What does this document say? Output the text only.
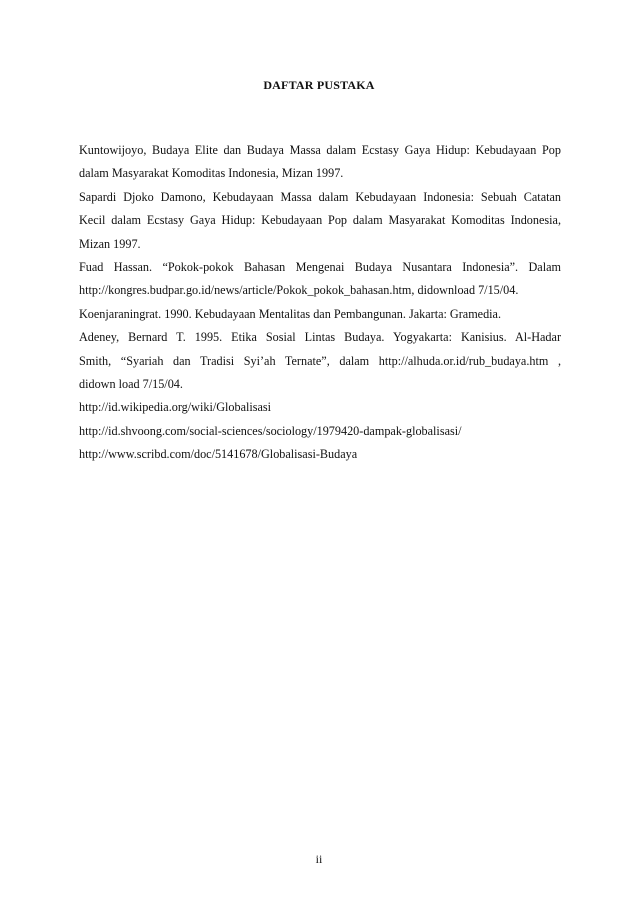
DAFTAR PUSTAKA
Kuntowijoyo, Budaya Elite dan Budaya Massa dalam Ecstasy Gaya Hidup: Kebudayaan Pop
dalam Masyarakat Komoditas Indonesia, Mizan 1997.
Sapardi Djoko Damono, Kebudayaan Massa dalam Kebudayaan Indonesia: Sebuah Catatan
Kecil dalam Ecstasy Gaya Hidup: Kebudayaan Pop dalam Masyarakat Komoditas Indonesia,
Mizan 1997.
Fuad Hassan. “Pokok-pokok Bahasan Mengenai Budaya Nusantara Indonesia”. Dalam
http://kongres.budpar.go.id/news/article/Pokok_pokok_bahasan.htm, didownload 7/15/04.
Koenjaraningrat. 1990. Kebudayaan Mentalitas dan Pembangunan. Jakarta: Gramedia.
Adeney, Bernard T. 1995. Etika Sosial Lintas Budaya. Yogyakarta: Kanisius. Al-Hadar
Smith, “Syariah dan Tradisi Syi’ah Ternate”, dalam http://alhuda.or.id/rub_budaya.htm ,
didown load 7/15/04.
http://id.wikipedia.org/wiki/Globalisasi
http://id.shvoong.com/social-sciences/sociology/1979420-dampak-globalisasi/
http://www.scribd.com/doc/5141678/Globalisasi-Budaya
ii
